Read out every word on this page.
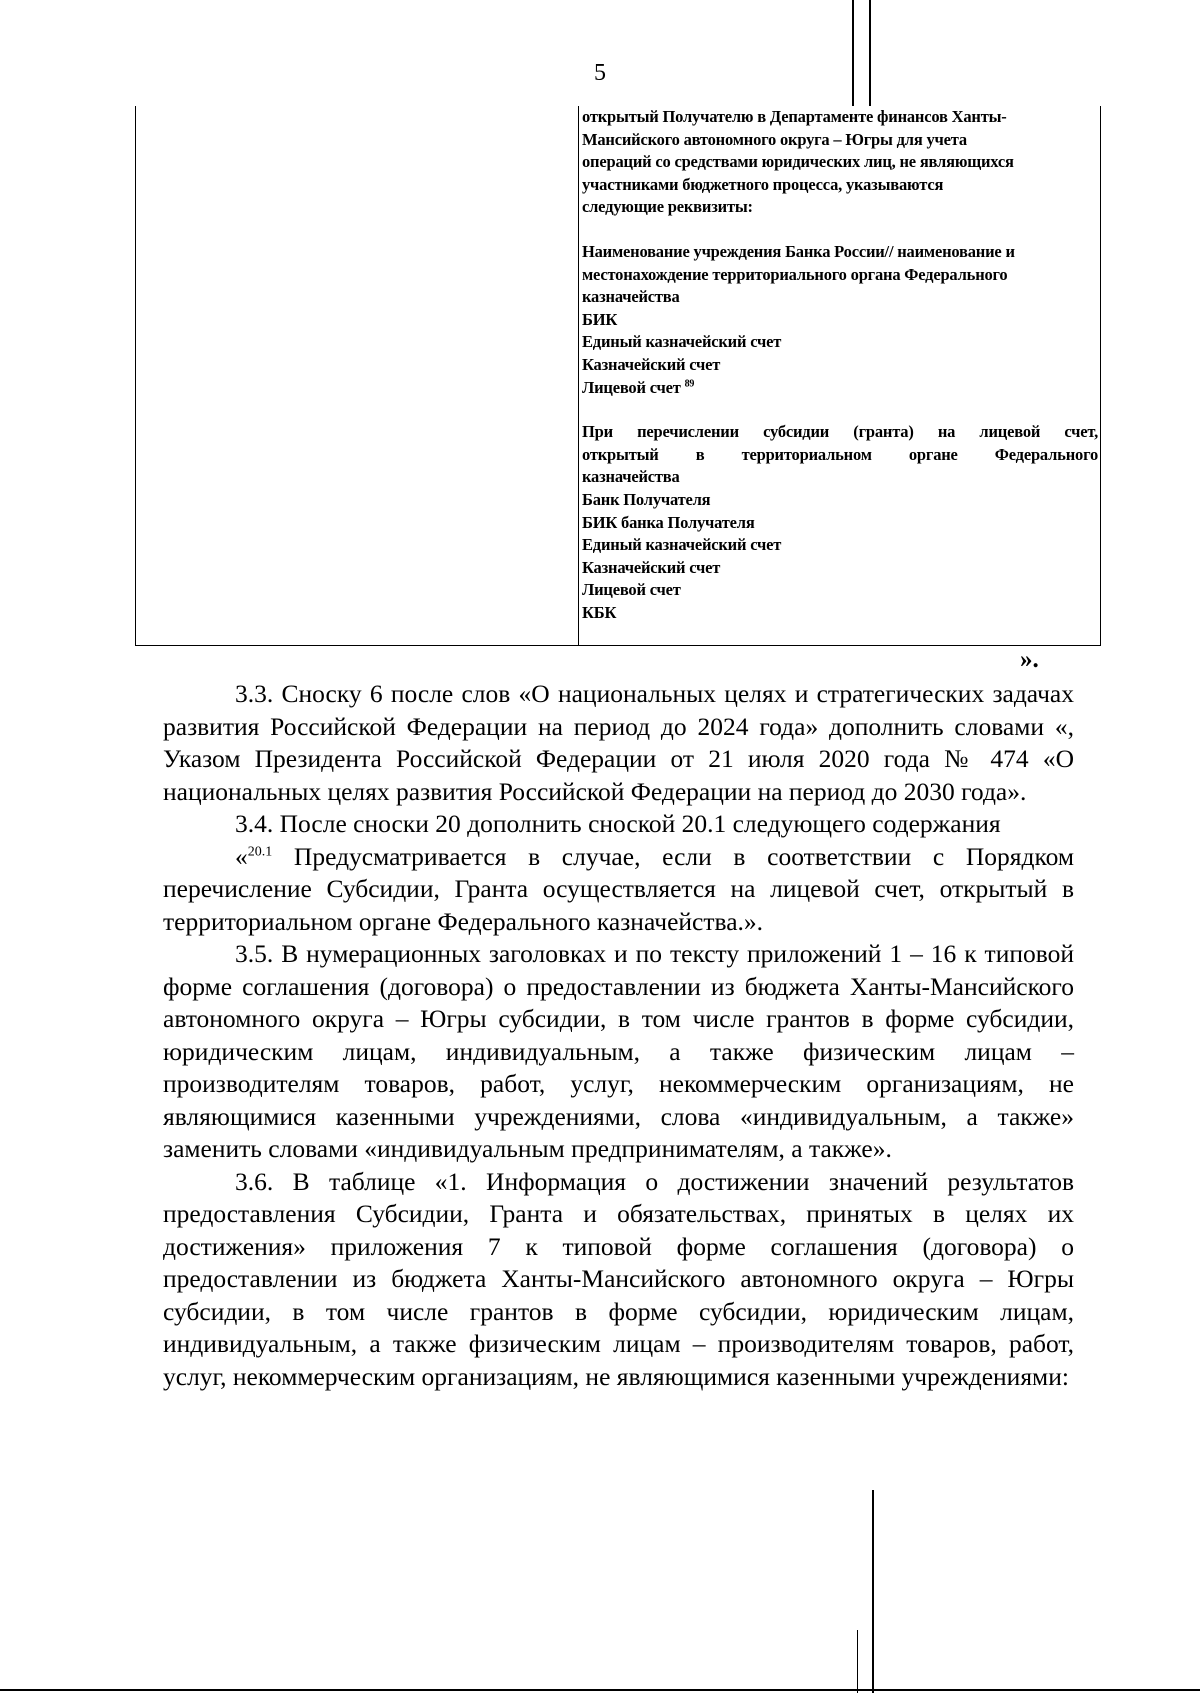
5
открытый Получателю в Департаменте финансов Ханты-
Мансийского автономного округа – Югры для учета
операций со средствами юридических лиц, не являющихся
участниками бюджетного процесса, указываются
следующие реквизиты:
Наименование учреждения Банка России// наименование и
местонахождение территориального органа Федерального
казначейства
БИК
Единый казначейский счет
Казначейский счет
Лицевой счет $^{89}$
При перечислении субсидии (гранта) на лицевой счет,
открытый в территориальном органе Федерального
казначейства
Банк Получателя
БИК банка Получателя
Единый казначейский счет
Казначейский счет
Лицевой счет
КБК
».

3.3. Сноску 6 после слов «О национальных целях и стратегических задачах развития Российской Федерации на период до 2024 года» дополнить словами «, Указом Президента Российской Федерации от 21 июля 2020 года № 474 «О национальных целях развития Российской Федерации на период до 2030 года».

3.4. После сноски 20 дополнить сноской 20.1 следующего содержания

«$^{20.1}$ Предусматривается в случае, если в соответствии с Порядком перечисление Субсидии, Гранта осуществляется на лицевой счет, открытый в территориальном органе Федерального казначейства.».

3.5. В нумерационных заголовках и по тексту приложений 1 – 16 к типовой форме соглашения (договора) о предоставлении из бюджета Ханты-Мансийского автономного округа – Югры субсидии, в том числе грантов в форме субсидии, юридическим лицам, индивидуальным, а также физическим лицам – производителям товаров, работ, услуг, некоммерческим организациям, не являющимися казенными учреждениями, слова «индивидуальным, а также» заменить словами «индивидуальным предпринимателям, а также».

3.6. В таблице «1. Информация о достижении значений результатов предоставления Субсидии, Гранта и обязательствах, принятых в целях их достижения» приложения 7 к типовой форме соглашения (договора) о предоставлении из бюджета Ханты-Мансийского автономного округа – Югры субсидии, в том числе грантов в форме субсидии, юридическим лицам, индивидуальным, а также физическим лицам – производителям товаров, работ, услуг, некоммерческим организациям, не являющимися казенными учреждениями:
